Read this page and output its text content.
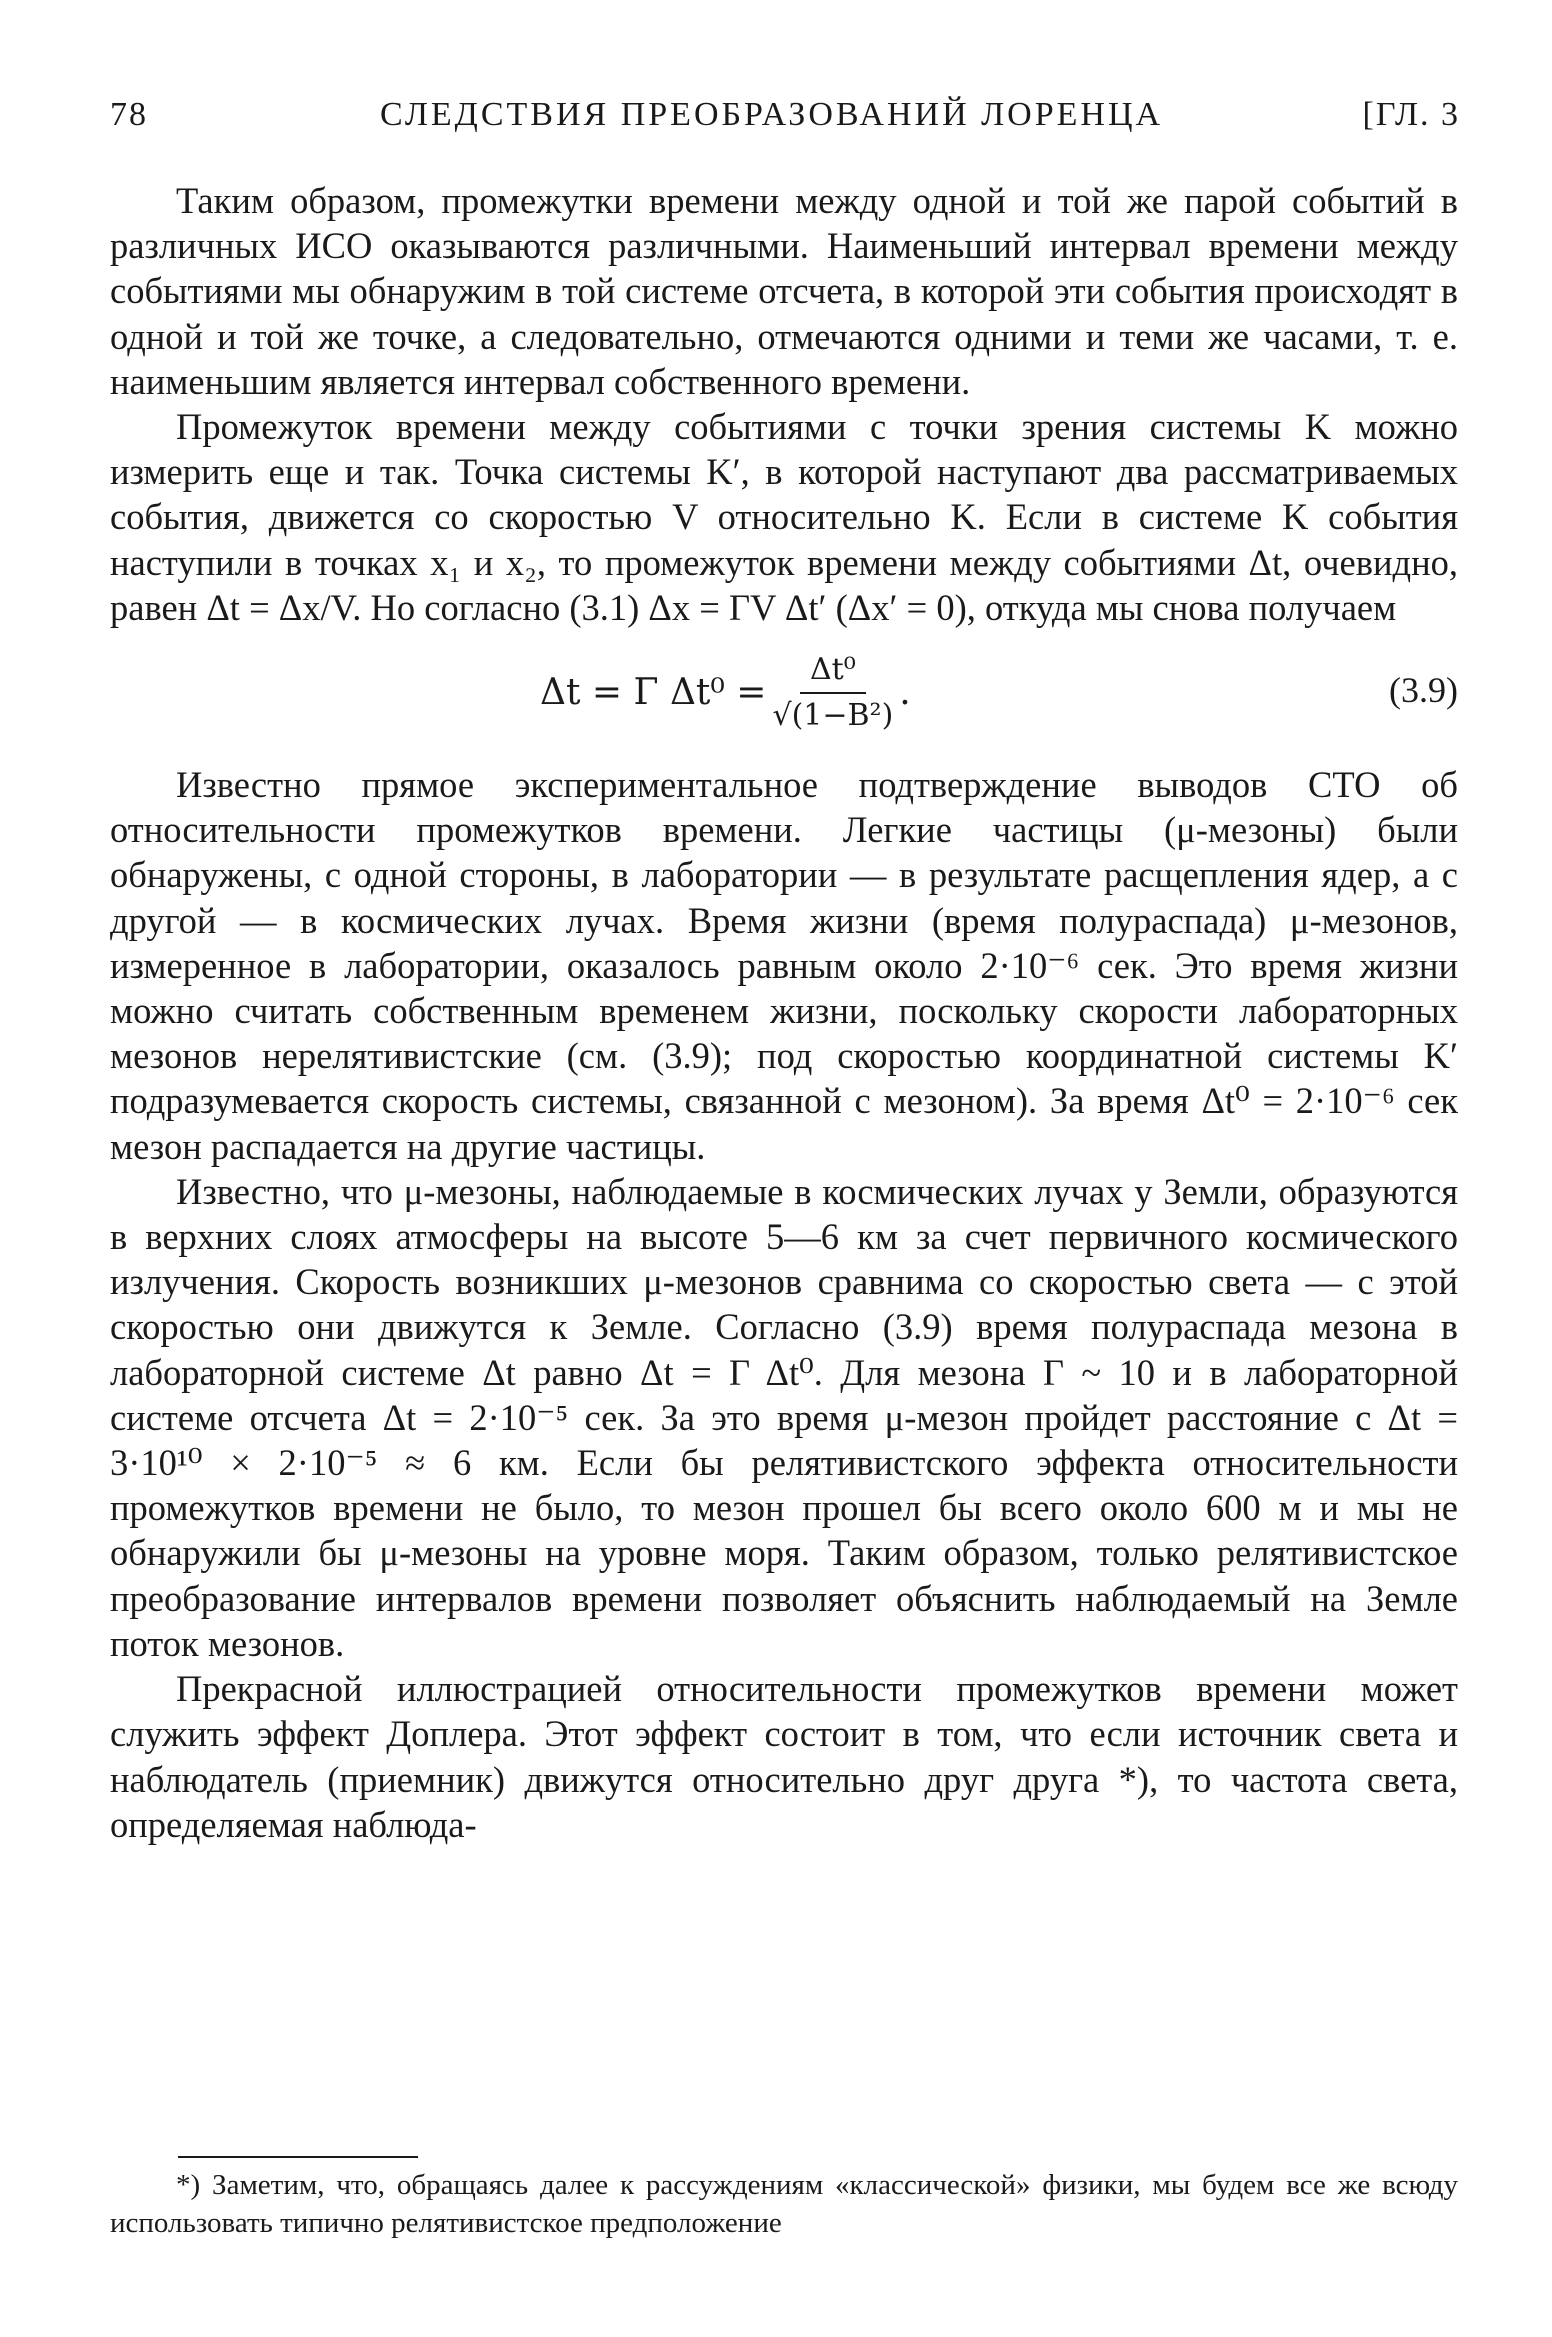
78	СЛЕДСТВИЯ ПРЕОБРАЗОВАНИЙ ЛОРЕНЦА	[ГЛ. 3

Таким образом, промежутки времени между одной и той же парой событий в различных ИСО оказываются различными. Наименьший интервал времени между событиями мы обнаружим в той системе отсчета, в которой эти события происходят в одной и той же точке, а следовательно, отмечаются одними и теми же часами, т. е. наименьшим является интервал собственного времени.

Промежуток времени между событиями с точки зрения системы K можно измерить еще и так. Точка системы K′, в которой наступают два рассматриваемых события, движется со скоростью V относительно K. Если в системе K события наступили в точках x₁ и x₂, то промежуток времени между событиями Δt, очевидно, равен Δt = Δx/V. Но согласно (3.1) Δx = ΓV Δt′ (Δx′ = 0), откуда мы снова получаем

Δt = Γ $\Delta t^0 = \frac{\text{Δt⁰}}{\text{√(1−B²)}}$ .	(3.9)

Известно прямое экспериментальное подтверждение выводов СТО об относительности промежутков времени. Легкие частицы (μ-мезоны) были обнаружены, с одной стороны, в лаборатории — в результате расщепления ядер, а с другой — в космических лучах. Время жизни (время полураспада) μ-мезонов, измеренное в лаборатории, оказалось равным около 2·10⁻⁶ сек. Это время жизни можно считать собственным временем жизни, поскольку скорости лабораторных мезонов нерелятивистские (см. (3.9); под скоростью координатной системы K′ подразумевается скорость системы, связанной с мезоном). За время Δt⁰ = 2·10⁻⁶ сек мезон распадается на другие частицы.

Известно, что μ-мезоны, наблюдаемые в космических лучах у Земли, образуются в верхних слоях атмосферы на высоте 5—6 км за счет первичного космического излучения. Скорость возникших μ-мезонов сравнима со скоростью света — с этой скоростью они движутся к Земле. Согласно (3.9) время полураспада мезона в лабораторной системе Δt равно Δt = Γ Δt⁰. Для мезона Γ ~ 10 и в лабораторной системе отсчета Δt = 2·10⁻⁵ сек. За это время μ-мезон пройдет расстояние c Δt = 3·10¹⁰ × 2·10⁻⁵ ≈ 6 км. Если бы релятивистского эффекта относительности промежутков времени не было, то мезон прошел бы всего около 600 м и мы не обнаружили бы μ-мезоны на уровне моря. Таким образом, только релятивистское преобразование интервалов времени позволяет объяснить наблюдаемый на Земле поток мезонов.

Прекрасной иллюстрацией относительности промежутков времени может служить эффект Доплера. Этот эффект состоит в том, что если источник света и наблюдатель (приемник) движутся относительно друг друга *), то частота света, определяемая наблюда-

*) Заметим, что, обращаясь далее к рассуждениям «классической» физики, мы будем все же всюду использовать типично релятивистское предположение
